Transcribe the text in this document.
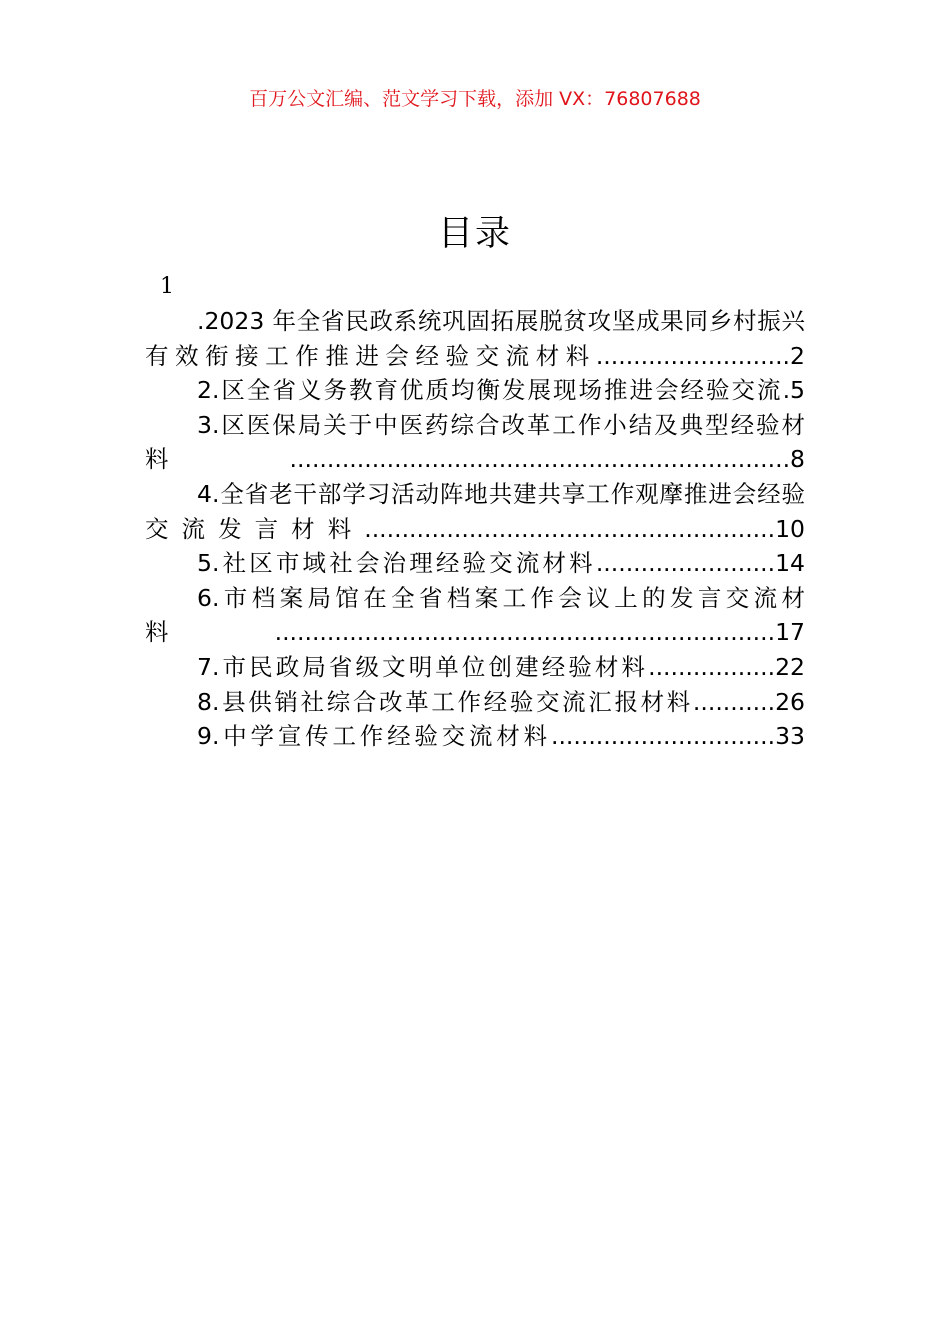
百万公文汇编、范文学习下载，添加 VX：76807688
目录
1
.2023 年全省民政系统巩固拓展脱贫攻坚成果同乡村振兴有效衔接工作推进会经验交流材料..........................2
2.区全省义务教育优质均衡发展现场推进会经验交流.5
3.区医保局关于中医药综合改革工作小结及典型经验材料...................................................................8
4.全省老干部学习活动阵地共建共享工作观摩推进会经验交流发言材料.......................................................10
5.社区市域社会治理经验交流材料........................14
6.市档案局馆在全省档案工作会议上的发言交流材料...................................................................17
7.市民政局省级文明单位创建经验材料.................22
8.县供销社综合改革工作经验交流汇报材料...........26
9.中学宣传工作经验交流材料..............................33
